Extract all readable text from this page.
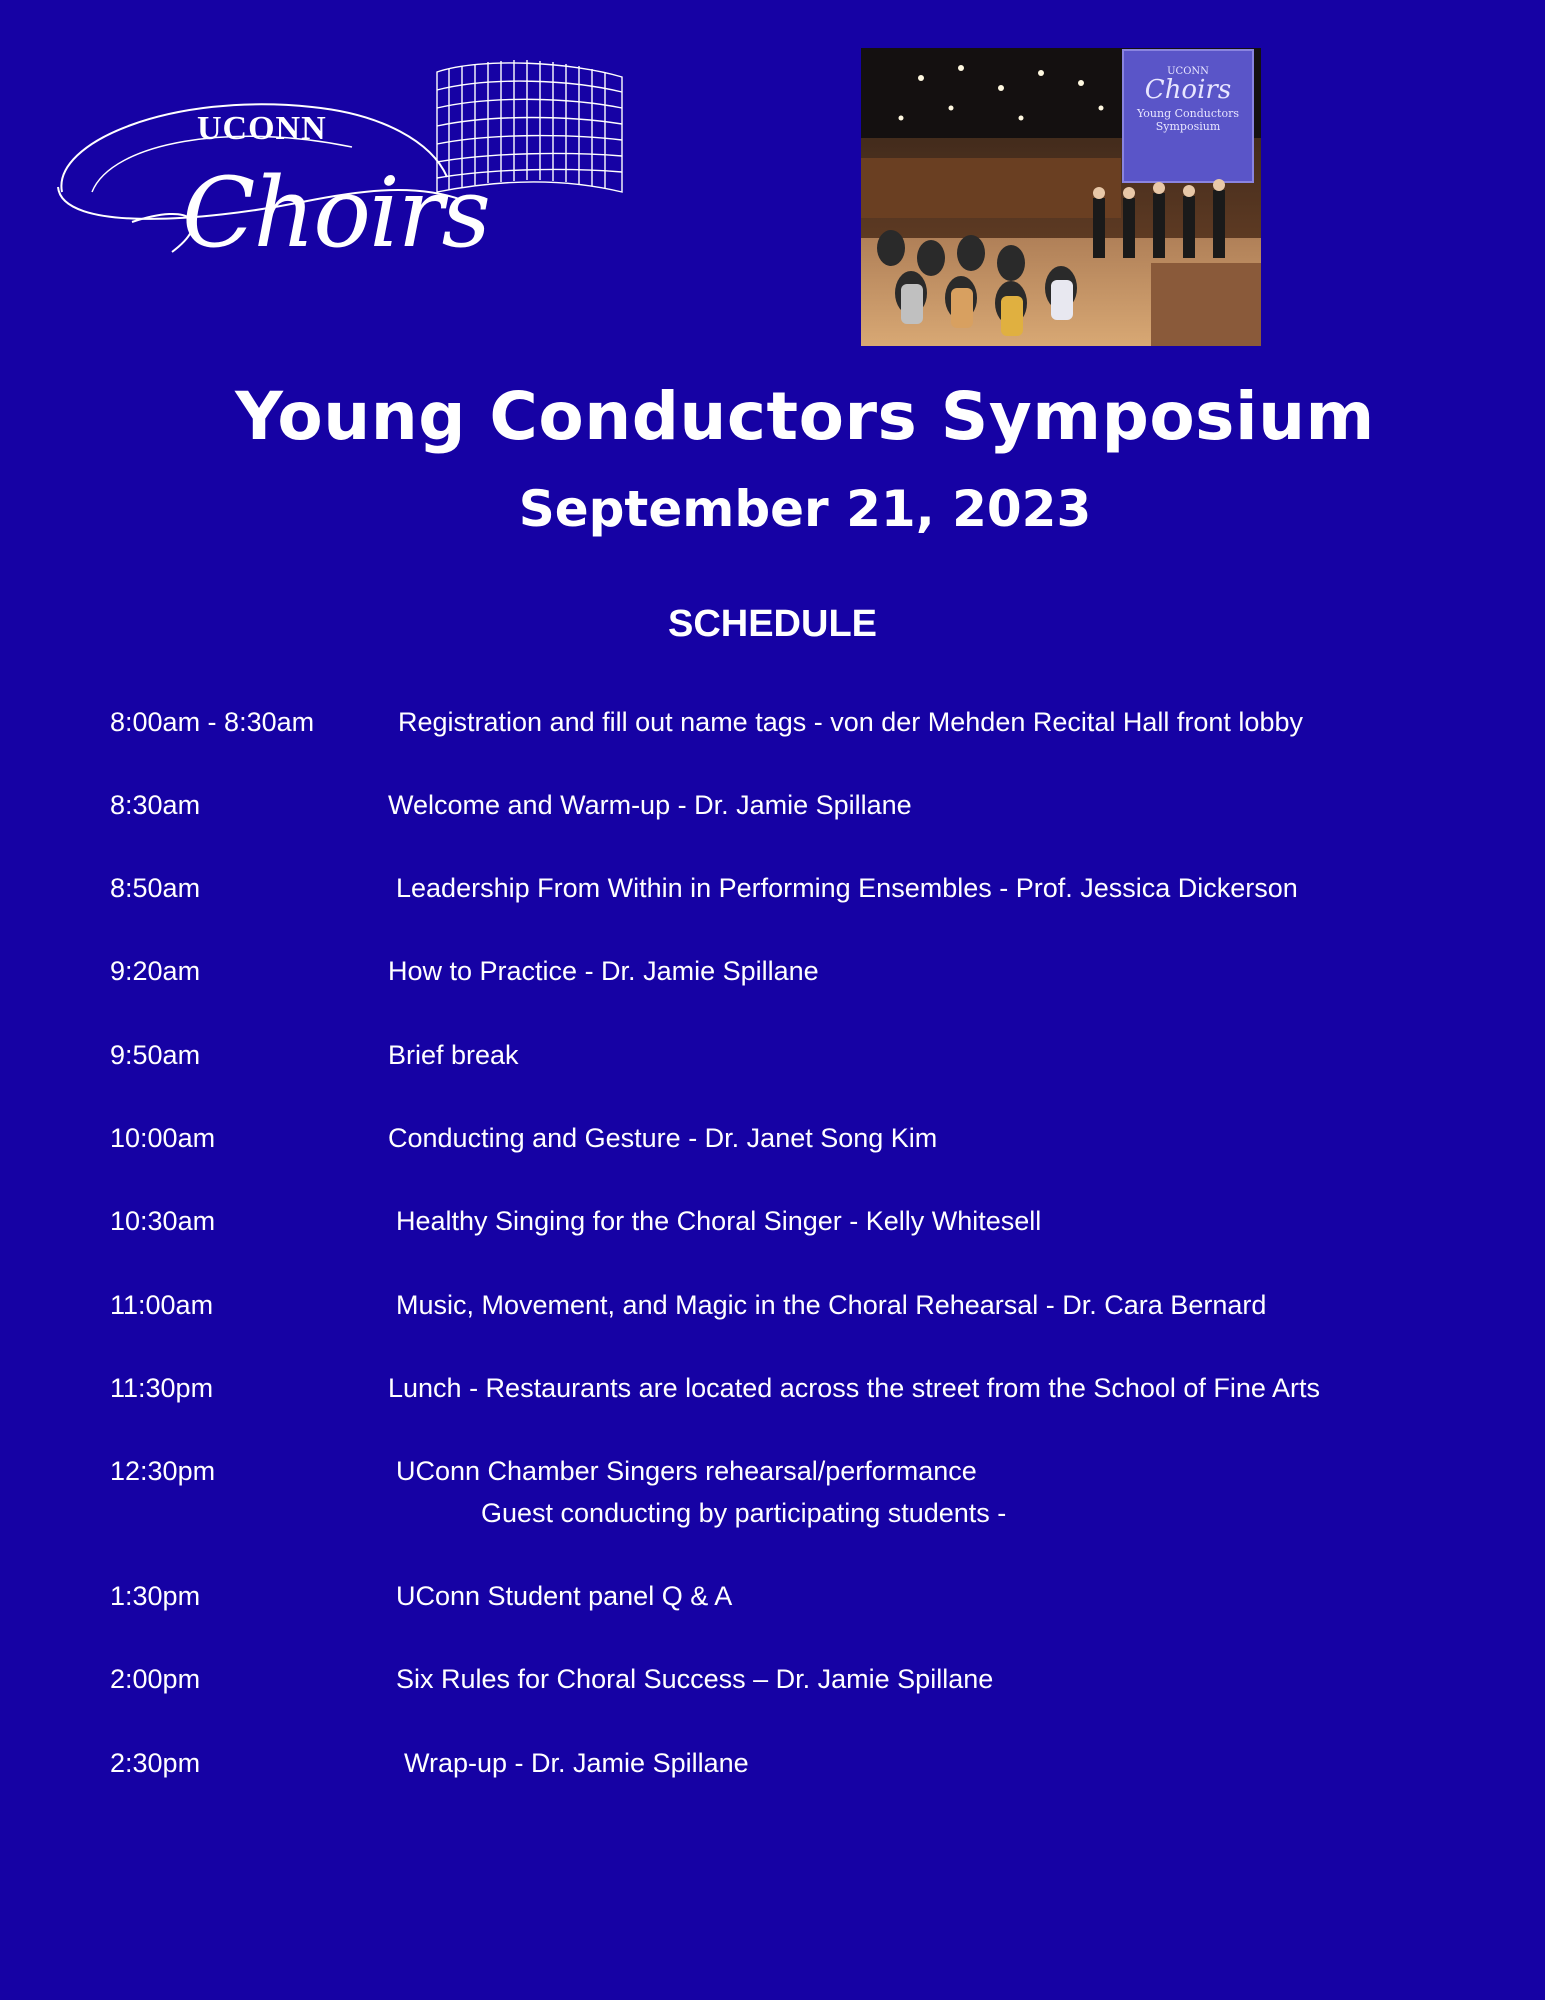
UCONN
Choirs
UCONN
Choirs
Young Conductors
Symposium
Young Conductors Symposium
September 21, 2023
SCHEDULE
8:00am - 8:30am	Registration and fill out name tags - von der Mehden Recital Hall front lobby
8:30am	Welcome and Warm-up - Dr. Jamie Spillane
8:50am	Leadership From Within in Performing Ensembles - Prof. Jessica Dickerson
9:20am	How to Practice - Dr. Jamie Spillane
9:50am	Brief break
10:00am	Conducting and Gesture - Dr. Janet Song Kim
10:30am	Healthy Singing for the Choral Singer - Kelly Whitesell
11:00am	Music, Movement, and Magic in the Choral Rehearsal - Dr. Cara Bernard
11:30pm	Lunch - Restaurants are located across the street from the School of Fine Arts
12:30pm	UConn Chamber Singers rehearsal/performance
Guest conducting by participating students -
1:30pm	UConn Student panel Q & A
2:00pm	Six Rules for Choral Success – Dr. Jamie Spillane
2:30pm	Wrap-up - Dr. Jamie Spillane
